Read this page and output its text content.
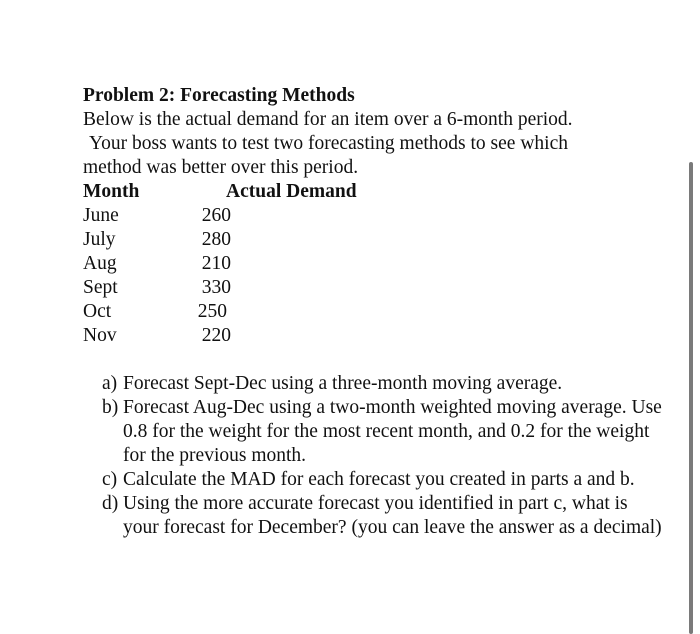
Problem 2: Forecasting Methods
Below is the actual demand for an item over a 6-month period.
Your boss wants to test two forecasting methods to see which
method was better over this period.
Month	Actual Demand
June	260
July	280
Aug	210
Sept	330
Oct	250
Nov	220
a) Forecast Sept-Dec using a three-month moving average.
b) Forecast Aug-Dec using a two-month weighted moving average. Use 0.8 for the weight for the most recent month, and 0.2 for the weight for the previous month.
c) Calculate the MAD for each forecast you created in parts a and b.
d) Using the more accurate forecast you identified in part c, what is your forecast for December? (you can leave the answer as a decimal)
